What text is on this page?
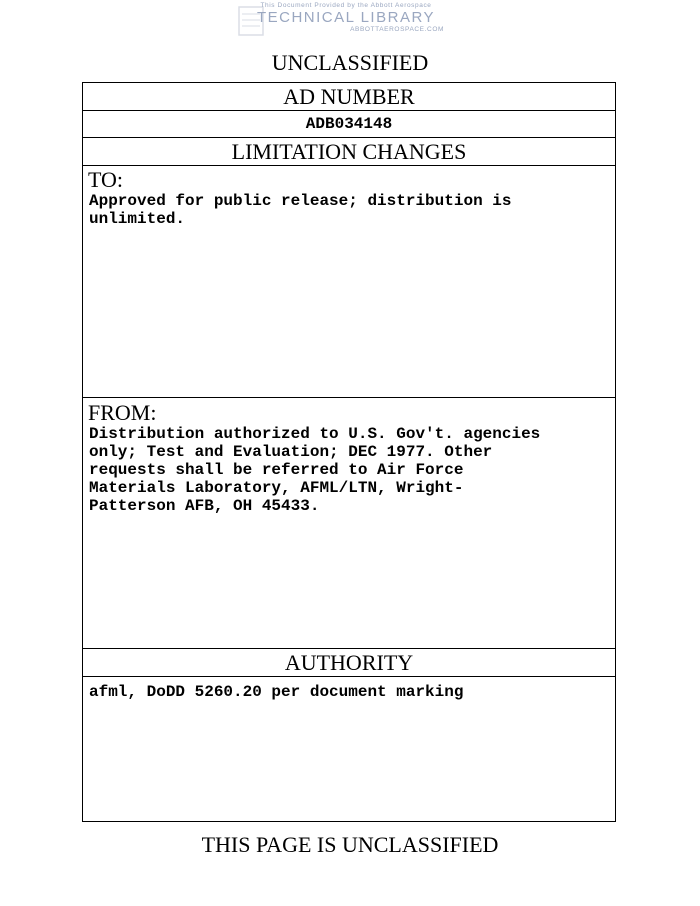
This Document Provided by the Abbott Aerospace
TECHNICAL LIBRARY
ABBOTTAEROSPACE.COM
UNCLASSIFIED
AD NUMBER
ADB034148
LIMITATION CHANGES
TO:
Approved for public release; distribution is
unlimited.
FROM:
Distribution authorized to U.S. Gov't. agencies
only; Test and Evaluation; DEC 1977. Other
requests shall be referred to Air Force
Materials Laboratory, AFML/LTN, Wright-
Patterson AFB, OH 45433.
AUTHORITY
afml, DoDD 5260.20 per document marking
THIS PAGE IS UNCLASSIFIED
